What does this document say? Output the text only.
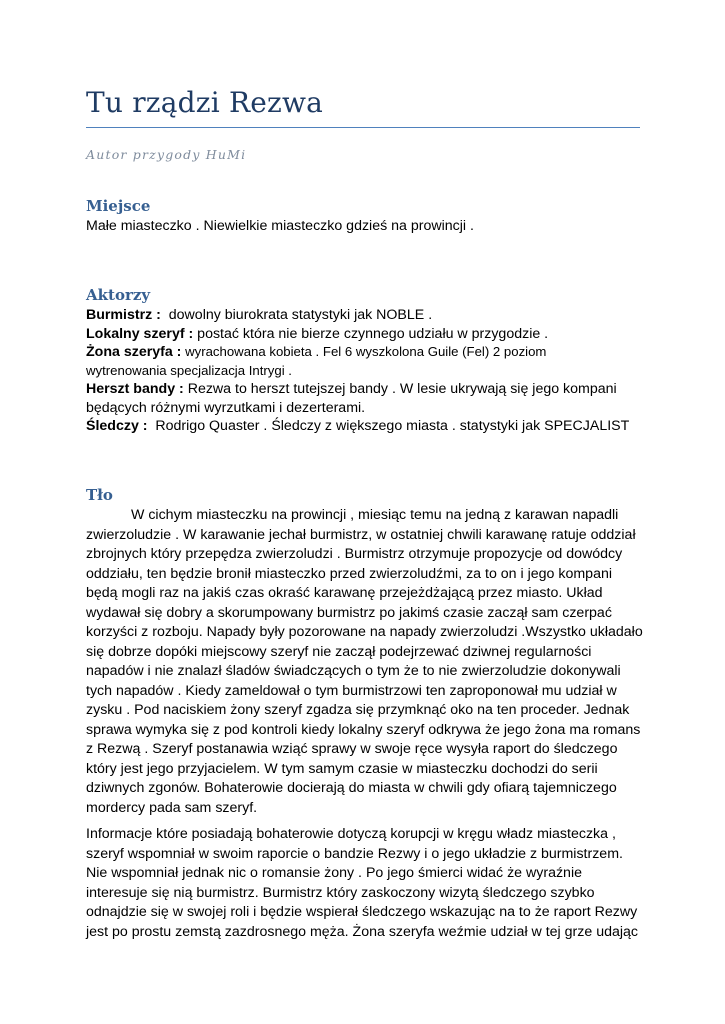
Tu rządzi Rezwa
Autor przygody HuMi
Miejsce
Małe miasteczko . Niewielkie miasteczko gdzieś na prowincji .
Aktorzy
Burmistrz :  dowolny biurokrata statystyki jak NOBLE .
Lokalny szeryf : postać która nie bierze czynnego udziału w przygodzie .
Żona szeryfa : wyrachowana kobieta . Fel 6 wyszkolona Guile (Fel) 2 poziom
wytrenowania specjalizacja Intrygi .
Herszt bandy : Rezwa to herszt tutejszej bandy . W lesie ukrywają się jego kompani
będących różnymi wyrzutkami i dezerterami.
Śledczy :  Rodrigo Quaster . Śledczy z większego miasta . statystyki jak SPECJALIST
Tło
W cichym miasteczku na prowincji , miesiąc temu na jedną z karawan napadli
zwierzoludzie . W karawanie jechał burmistrz, w ostatniej chwili karawanę ratuje oddział
zbrojnych który przepędza zwierzoludzi . Burmistrz otrzymuje propozycje od dowódcy
oddziału, ten będzie bronił miasteczko przed zwierzoludźmi, za to on i jego kompani
będą mogli raz na jakiś czas okraść karawanę przejeżdżającą przez miasto. Układ
wydawał się dobry a skorumpowany burmistrz po jakimś czasie zaczął sam czerpać
korzyści z rozboju. Napady były pozorowane na napady zwierzoludzi .Wszystko układało
się dobrze dopóki miejscowy szeryf nie zaczął podejrzewać dziwnej regularności
napadów i nie znalazł śladów świadczących o tym że to nie zwierzoludzie dokonywali
tych napadów . Kiedy zameldował o tym burmistrzowi ten zaproponował mu udział w
zysku . Pod naciskiem żony szeryf zgadza się przymknąć oko na ten proceder. Jednak
sprawa wymyka się z pod kontroli kiedy lokalny szeryf odkrywa że jego żona ma romans
z Rezwą . Szeryf postanawia wziąć sprawy w swoje ręce wysyła raport do śledczego
który jest jego przyjacielem. W tym samym czasie w miasteczku dochodzi do serii
dziwnych zgonów. Bohaterowie docierają do miasta w chwili gdy ofiarą tajemniczego
mordercy pada sam szeryf.
Informacje które posiadają bohaterowie dotyczą korupcji w kręgu władz miasteczka ,
szeryf wspomniał w swoim raporcie o bandzie Rezwy i o jego układzie z burmistrzem.
Nie wspomniał jednak nic o romansie żony . Po jego śmierci widać że wyraźnie
interesuje się nią burmistrz. Burmistrz który zaskoczony wizytą śledczego szybko
odnajdzie się w swojej roli i będzie wspierał śledczego wskazując na to że raport Rezwy
jest po prostu zemstą zazdrosnego męża. Żona szeryfa weźmie udział w tej grze udając
